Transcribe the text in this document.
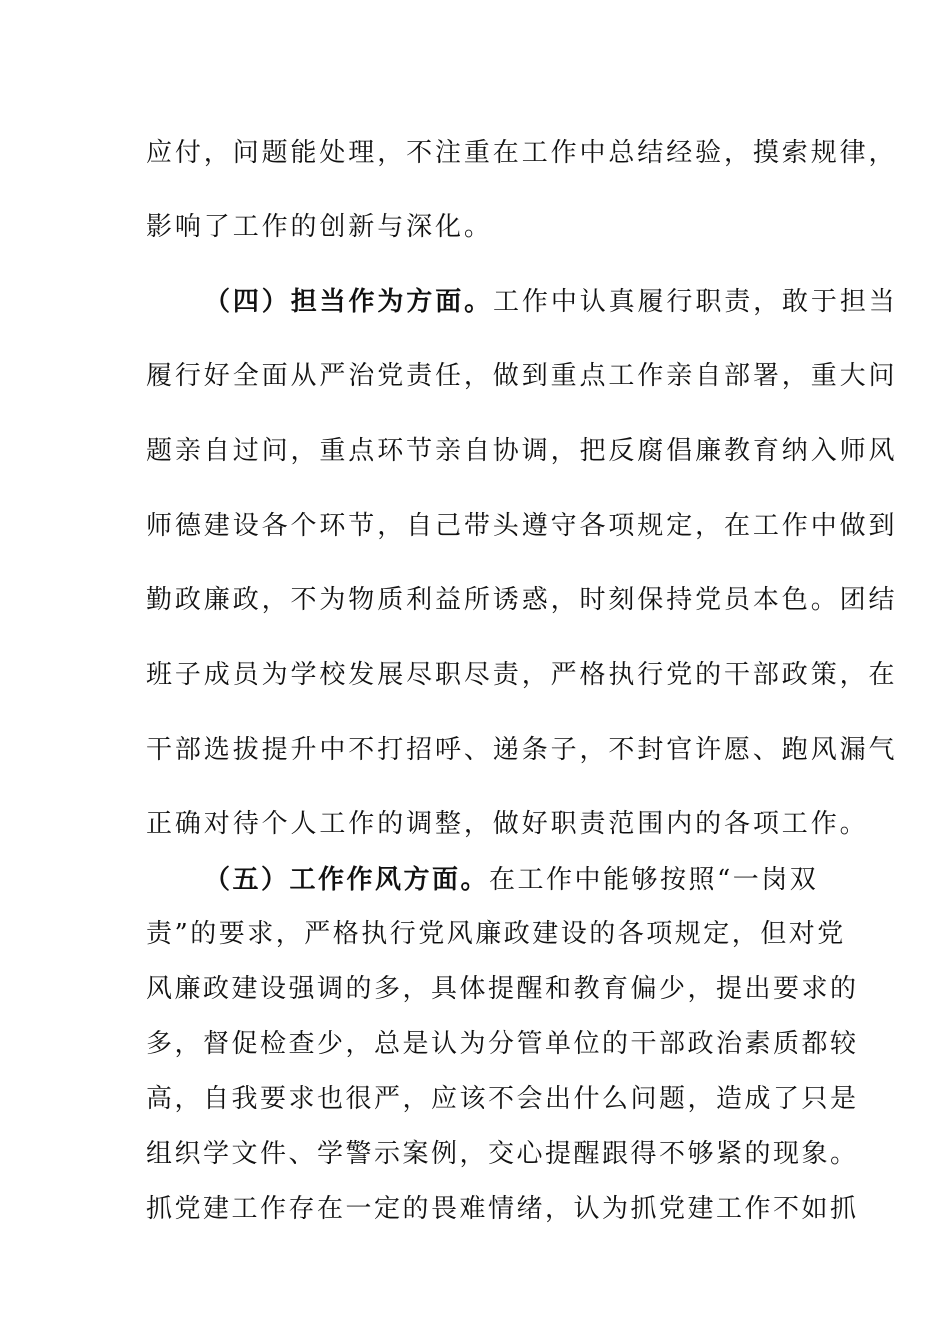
应付，问题能处理，不注重在工作中总结经验，摸索规律，

影响了工作的创新与深化。

（四）担当作为方面。工作中认真履行职责，敢于担当

履行好全面从严治党责任，做到重点工作亲自部署，重大问

题亲自过问，重点环节亲自协调，把反腐倡廉教育纳入师风

师德建设各个环节，自己带头遵守各项规定，在工作中做到

勤政廉政，不为物质利益所诱惑，时刻保持党员本色。团结

班子成员为学校发展尽职尽责，严格执行党的干部政策，在

干部选拔提升中不打招呼、递条子，不封官许愿、跑风漏气

正确对待个人工作的调整，做好职责范围内的各项工作。

（五）工作作风方面。在工作中能够按照“一岗双

责”的要求，严格执行党风廉政建设的各项规定，但对党

风廉政建设强调的多，具体提醒和教育偏少，提出要求的

多，督促检查少，总是认为分管单位的干部政治素质都较

高，自我要求也很严，应该不会出什么问题，造成了只是

组织学文件、学警示案例，交心提醒跟得不够紧的现象。

抓党建工作存在一定的畏难情绪，认为抓党建工作不如抓
